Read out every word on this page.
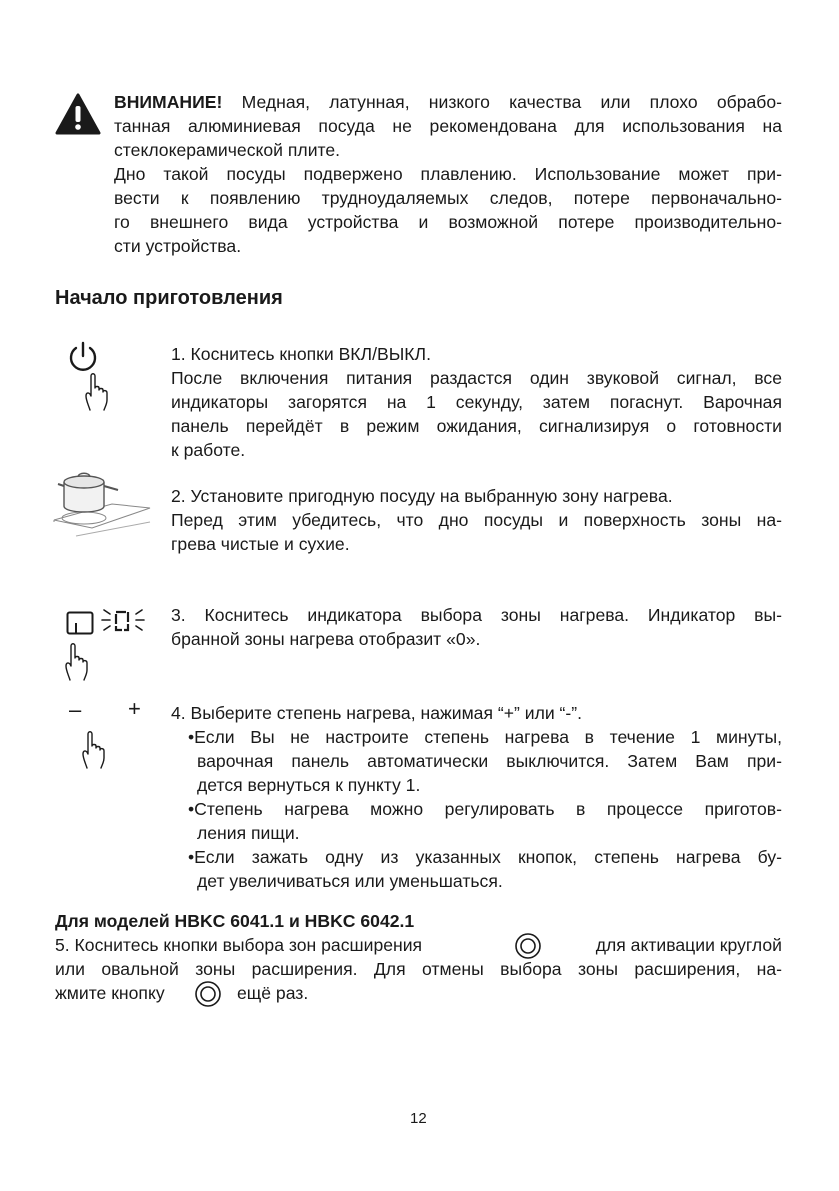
ВНИМАНИЕ! Медная, латунная, низкого качества или плохо обрабо-
танная алюминиевая посуда не рекомендована для использования на
стеклокерамической плите.
Дно такой посуды подвержено плавлению. Использование может при-
вести к появлению трудноудаляемых следов, потере первоначально-
го внешнего вида устройства и возможной потере производительно-
сти устройства.
Начало приготовления
1. Коснитесь кнопки ВКЛ/ВЫКЛ.
После включения питания раздастся один звуковой сигнал, все
индикаторы загорятся на 1 секунду, затем погаснут. Варочная
панель перейдёт в режим ожидания, сигнализируя о готовности
к работе.
2. Установите пригодную посуду на выбранную зону нагрева.
Перед этим убедитесь, что дно посуды и поверхность зоны на-
грева чистые и сухие.
3. Коснитесь индикатора выбора зоны нагрева. Индикатор вы-
бранной зоны нагрева отобразит «0».
– + 4. Выберите степень нагрева, нажимая “+” или “-”.
•Если Вы не настроите степень нагрева в течение 1 минуты,
варочная панель автоматически выключится. Затем Вам при-
дется вернуться к пункту 1.
•Степень нагрева можно регулировать в процессе приготов-
ления пищи.
•Если зажать одну из указанных кнопок, степень нагрева бу-
дет увеличиваться или уменьшаться.
Для моделей HBKC 6041.1 и HBKC 6042.1
5. Коснитесь кнопки выбора зон расширения	для активации круглой
или овальной зоны расширения. Для отмены выбора зоны расширения, на-
жмите кнопку	ещё раз.
12
